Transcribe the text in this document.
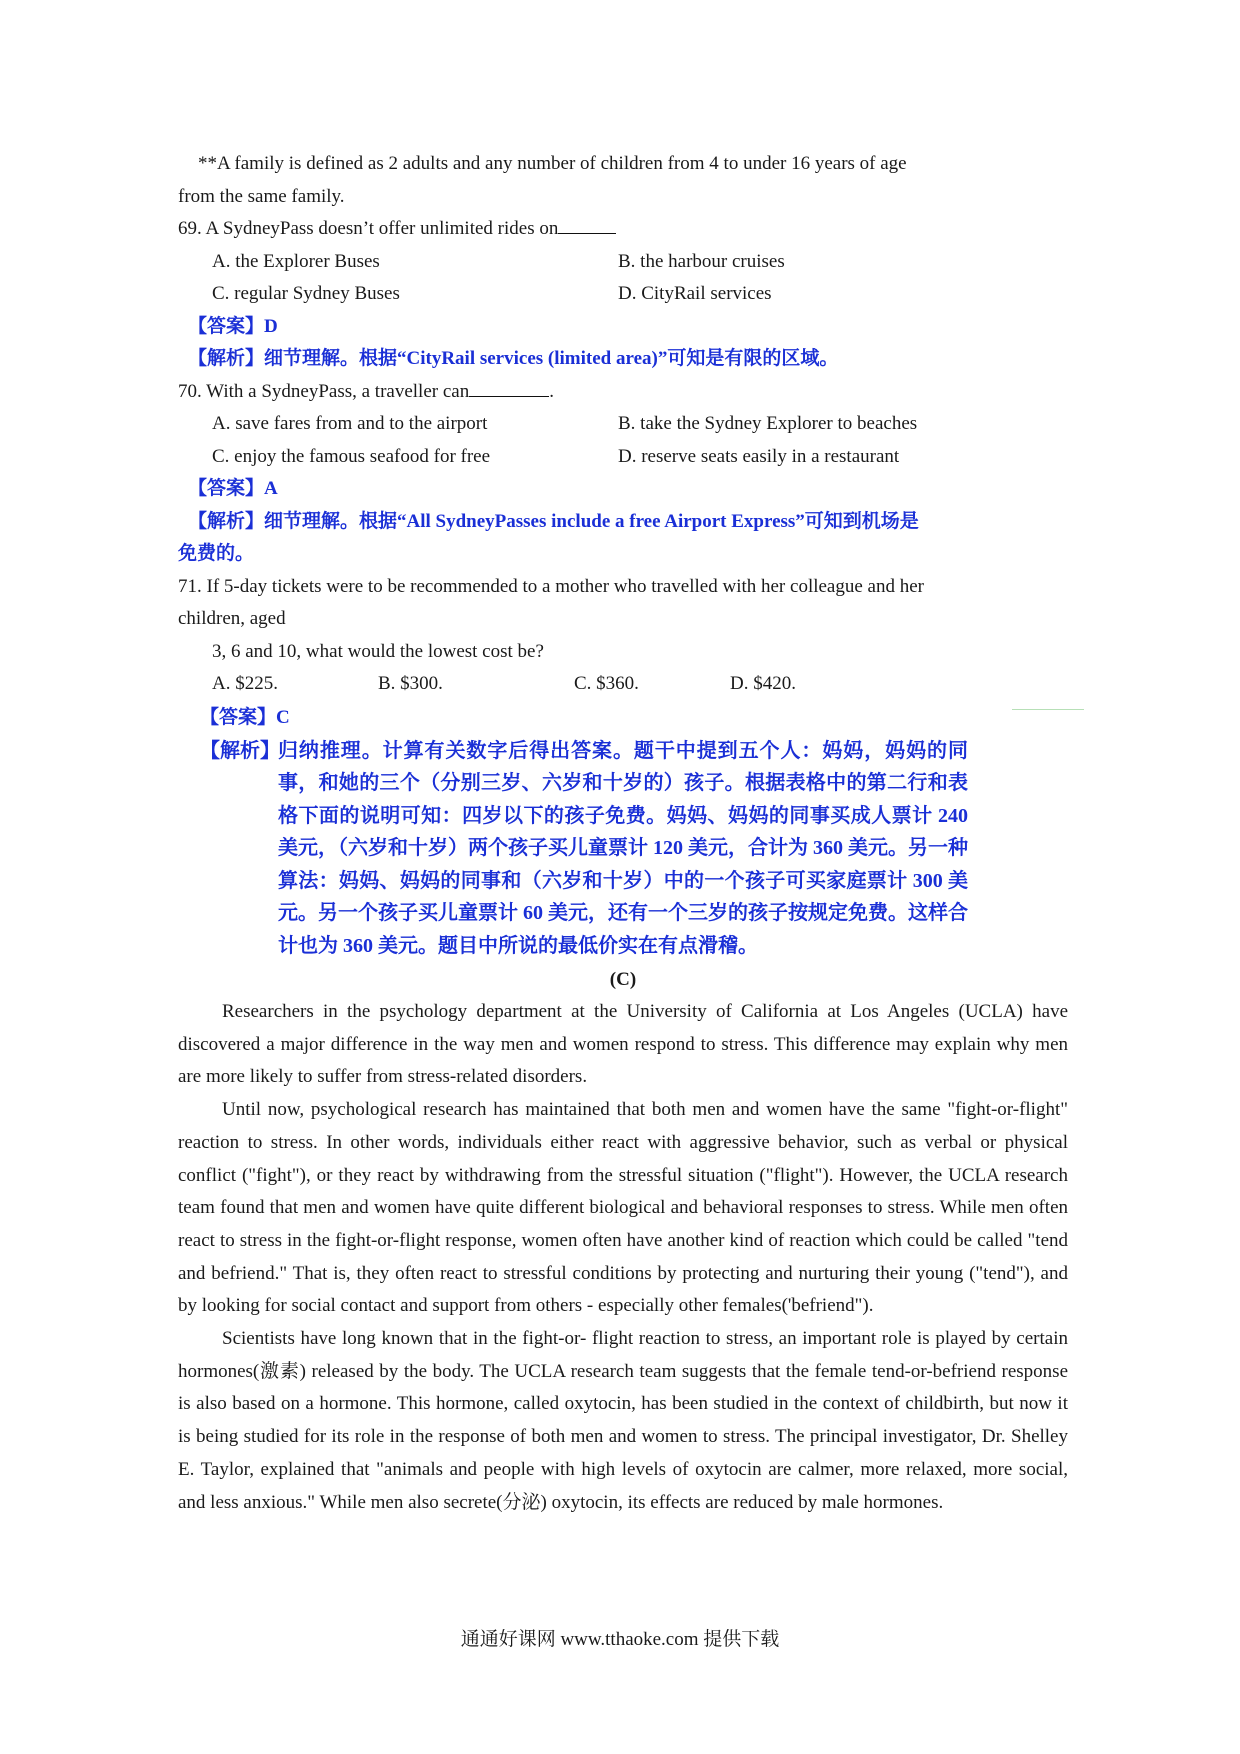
**A family is defined as 2 adults and any number of children from 4 to under 16 years of age
from the same family.
69. A SydneyPass doesn’t offer unlimited rides on
A. the Explorer Buses	B. the harbour cruises
C. regular Sydney Buses	D. CityRail services
【答案】D
【解析】细节理解。根据“CityRail services (limited area)”可知是有限的区域。
70. With a SydneyPass, a traveller can	.
A. save fares from and to the airport	B. take the Sydney Explorer to beaches
C. enjoy the famous seafood for free	D. reserve seats easily in a restaurant
【答案】A
【解析】细节理解。根据“All SydneyPasses include a free Airport Express”可知到机场是
免费的。
71. If 5-day tickets were to be recommended to a mother who travelled with her colleague and her
children, aged
3, 6 and 10, what would the lowest cost be?
A. $225.	B. $300.	C. $360.	D. $420.
【答案】C
【解析】
归纳推理。计算有关数字后得出答案。题干中提到五个人：妈妈，妈妈的同事，和她的三个（分别三岁、六岁和十岁的）孩子。根据表格中的第二行和表格下面的说明可知：四岁以下的孩子免费。妈妈、妈妈的同事买成人票计 240 美元，（六岁和十岁）两个孩子买儿童票计 120 美元，合计为 360 美元。另一种算法：妈妈、妈妈的同事和（六岁和十岁）中的一个孩子可买家庭票计 300 美元。另一个孩子买儿童票计 60 美元，还有一个三岁的孩子按规定免费。这样合计也为 360 美元。题目中所说的最低价实在有点滑稽。
(C)

Researchers in the psychology department at the University of California at Los Angeles (UCLA) have discovered a major difference in the way men and women respond to stress. This difference may explain why men are more likely to suffer from stress-related disorders.

Until now, psychological research has maintained that both men and women have the same "fight-or-flight" reaction to stress. In other words, individuals either react with aggressive behavior, such as verbal or physical conflict ("fight"), or they react by withdrawing from the stressful situation ("flight"). However, the UCLA research team found that men and women have quite different biological and behavioral responses to stress. While men often react to stress in the fight-or-flight response, women often have another kind of reaction which could be called "tend and befriend." That is, they often react to stressful conditions by protecting and nurturing their young ("tend"), and by looking for social contact and support from others - especially other females('befriend").

Scientists have long known that in the fight-or- flight reaction to stress, an important role is played by certain hormones(激素) released by the body. The UCLA research team suggests that the female tend-or-befriend response is also based on a hormone. This hormone, called oxytocin, has been studied in the context of childbirth, but now it is being studied for its role in the response of both men and women to stress. The principal investigator, Dr. Shelley E. Taylor, explained that "animals and people with high levels of oxytocin are calmer, more relaxed, more social, and less anxious." While men also secrete(分泌) oxytocin, its effects are reduced by male hormones.

通通好课网 www.tthaoke.com 提供下载
